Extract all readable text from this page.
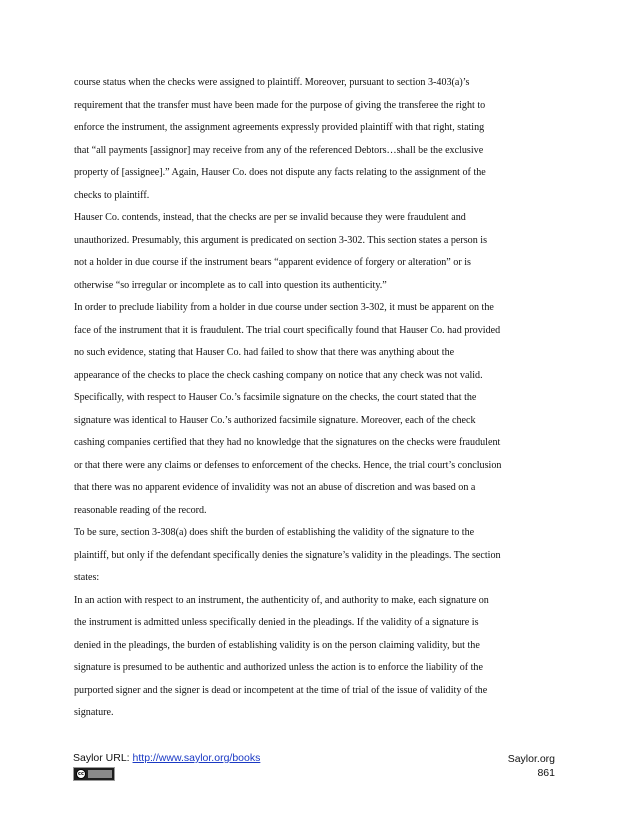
course status when the checks were assigned to plaintiff. Moreover, pursuant to section 3-403(a)’s
requirement that the transfer must have been made for the purpose of giving the transferee the right to
enforce the instrument, the assignment agreements expressly provided plaintiff with that right, stating
that “all payments [assignor] may receive from any of the referenced Debtors…shall be the exclusive
property of [assignee].” Again, Hauser Co. does not dispute any facts relating to the assignment of the
checks to plaintiff.
Hauser Co. contends, instead, that the checks are per se invalid because they were fraudulent and
unauthorized. Presumably, this argument is predicated on section 3-302. This section states a person is
not a holder in due course if the instrument bears “apparent evidence of forgery or alteration” or is
otherwise “so irregular or incomplete as to call into question its authenticity.”
In order to preclude liability from a holder in due course under section 3-302, it must be apparent on the
face of the instrument that it is fraudulent. The trial court specifically found that Hauser Co. had provided
no such evidence, stating that Hauser Co. had failed to show that there was anything about the
appearance of the checks to place the check cashing company on notice that any check was not valid.
Specifically, with respect to Hauser Co.’s facsimile signature on the checks, the court stated that the
signature was identical to Hauser Co.’s authorized facsimile signature. Moreover, each of the check
cashing companies certified that they had no knowledge that the signatures on the checks were fraudulent
or that there were any claims or defenses to enforcement of the checks. Hence, the trial court’s conclusion
that there was no apparent evidence of invalidity was not an abuse of discretion and was based on a
reasonable reading of the record.
To be sure, section 3-308(a) does shift the burden of establishing the validity of the signature to the
plaintiff, but only if the defendant specifically denies the signature’s validity in the pleadings. The section
states:
In an action with respect to an instrument, the authenticity of, and authority to make, each signature on
the instrument is admitted unless specifically denied in the pleadings. If the validity of a signature is
denied in the pleadings, the burden of establishing validity is on the person claiming validity, but the
signature is presumed to be authentic and authorized unless the action is to enforce the liability of the
purported signer and the signer is dead or incompetent at the time of trial of the issue of validity of the
signature.
Saylor URL: http://www.saylor.org/books
cc
Saylor.org
861
